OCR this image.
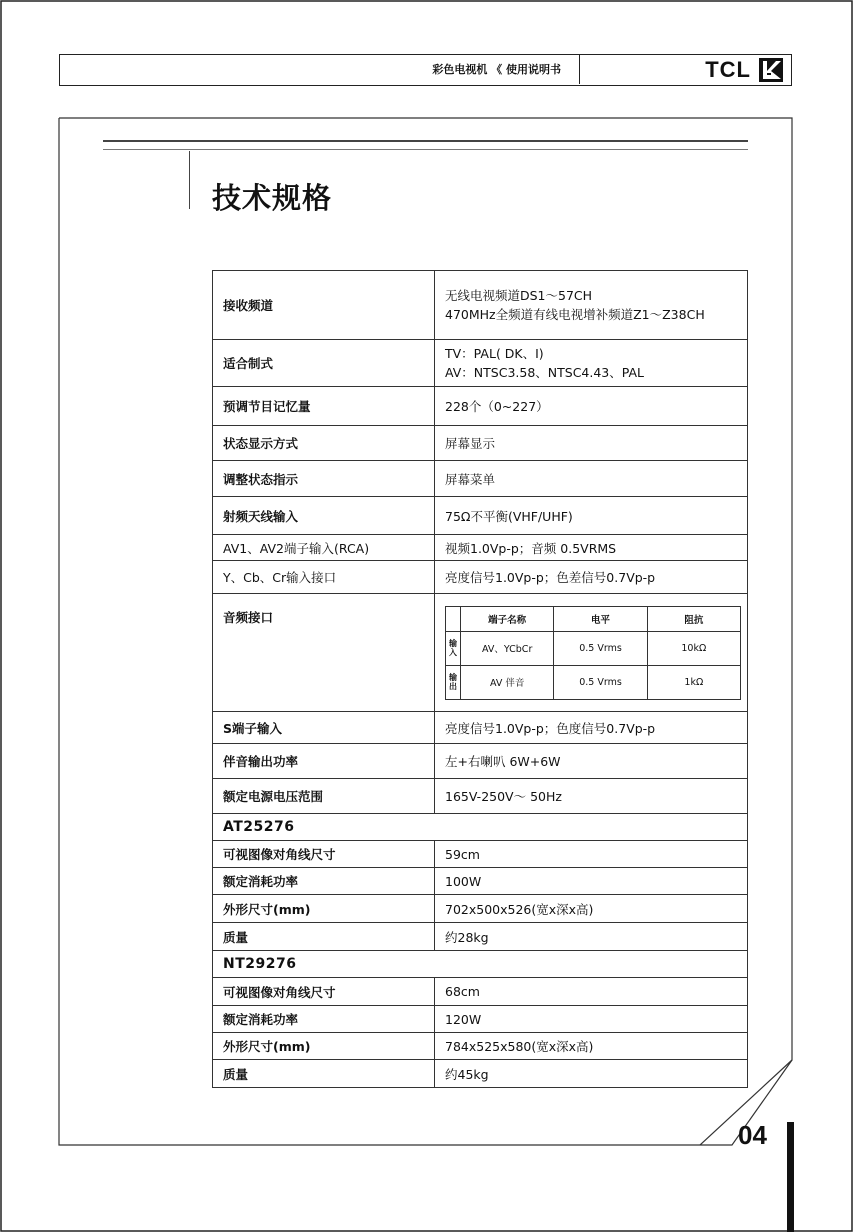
彩色电视机 《 使用说明书	TCL
技术规格
接收频道	
无线电视频道DS1～57CH
470MHz全频道有线电视增补频道Z1～Z38CH

适合制式	
TV：PAL( DK、I)
AV：NTSC3.58、NTSC4.43、PAL

预调节目记忆量	228个（0~227）
状态显示方式	屏幕显示
调整状态指示	屏幕菜单
射频天线输入	75Ω不平衡(VHF/UHF)
AV1、AV2端子输入(RCA)	视频1.0Vp-p；音频 0.5VRMS
Y、Cb、Cr输入接口	亮度信号1.0Vp-p；色差信号0.7Vp-p
音频接口	
		端子名称	电平	阻抗
输入	AV、YCbCr	0.5 Vrms	10kΩ
输出	AV 伴音	0.5 Vrms	1kΩ

S端子输入	亮度信号1.0Vp-p；色度信号0.7Vp-p
伴音输出功率	左+右喇叭 6W+6W
额定电源电压范围	165V-250V～ 50Hz
AT25276
可视图像对角线尺寸	59cm
额定消耗功率	100W
外形尺寸(mm)	702x500x526(宽x深x高)
质量	约28kg
NT29276
可视图像对角线尺寸	68cm
额定消耗功率	120W
外形尺寸(mm)	784x525x580(宽x深x高)
质量	约45kg
04
